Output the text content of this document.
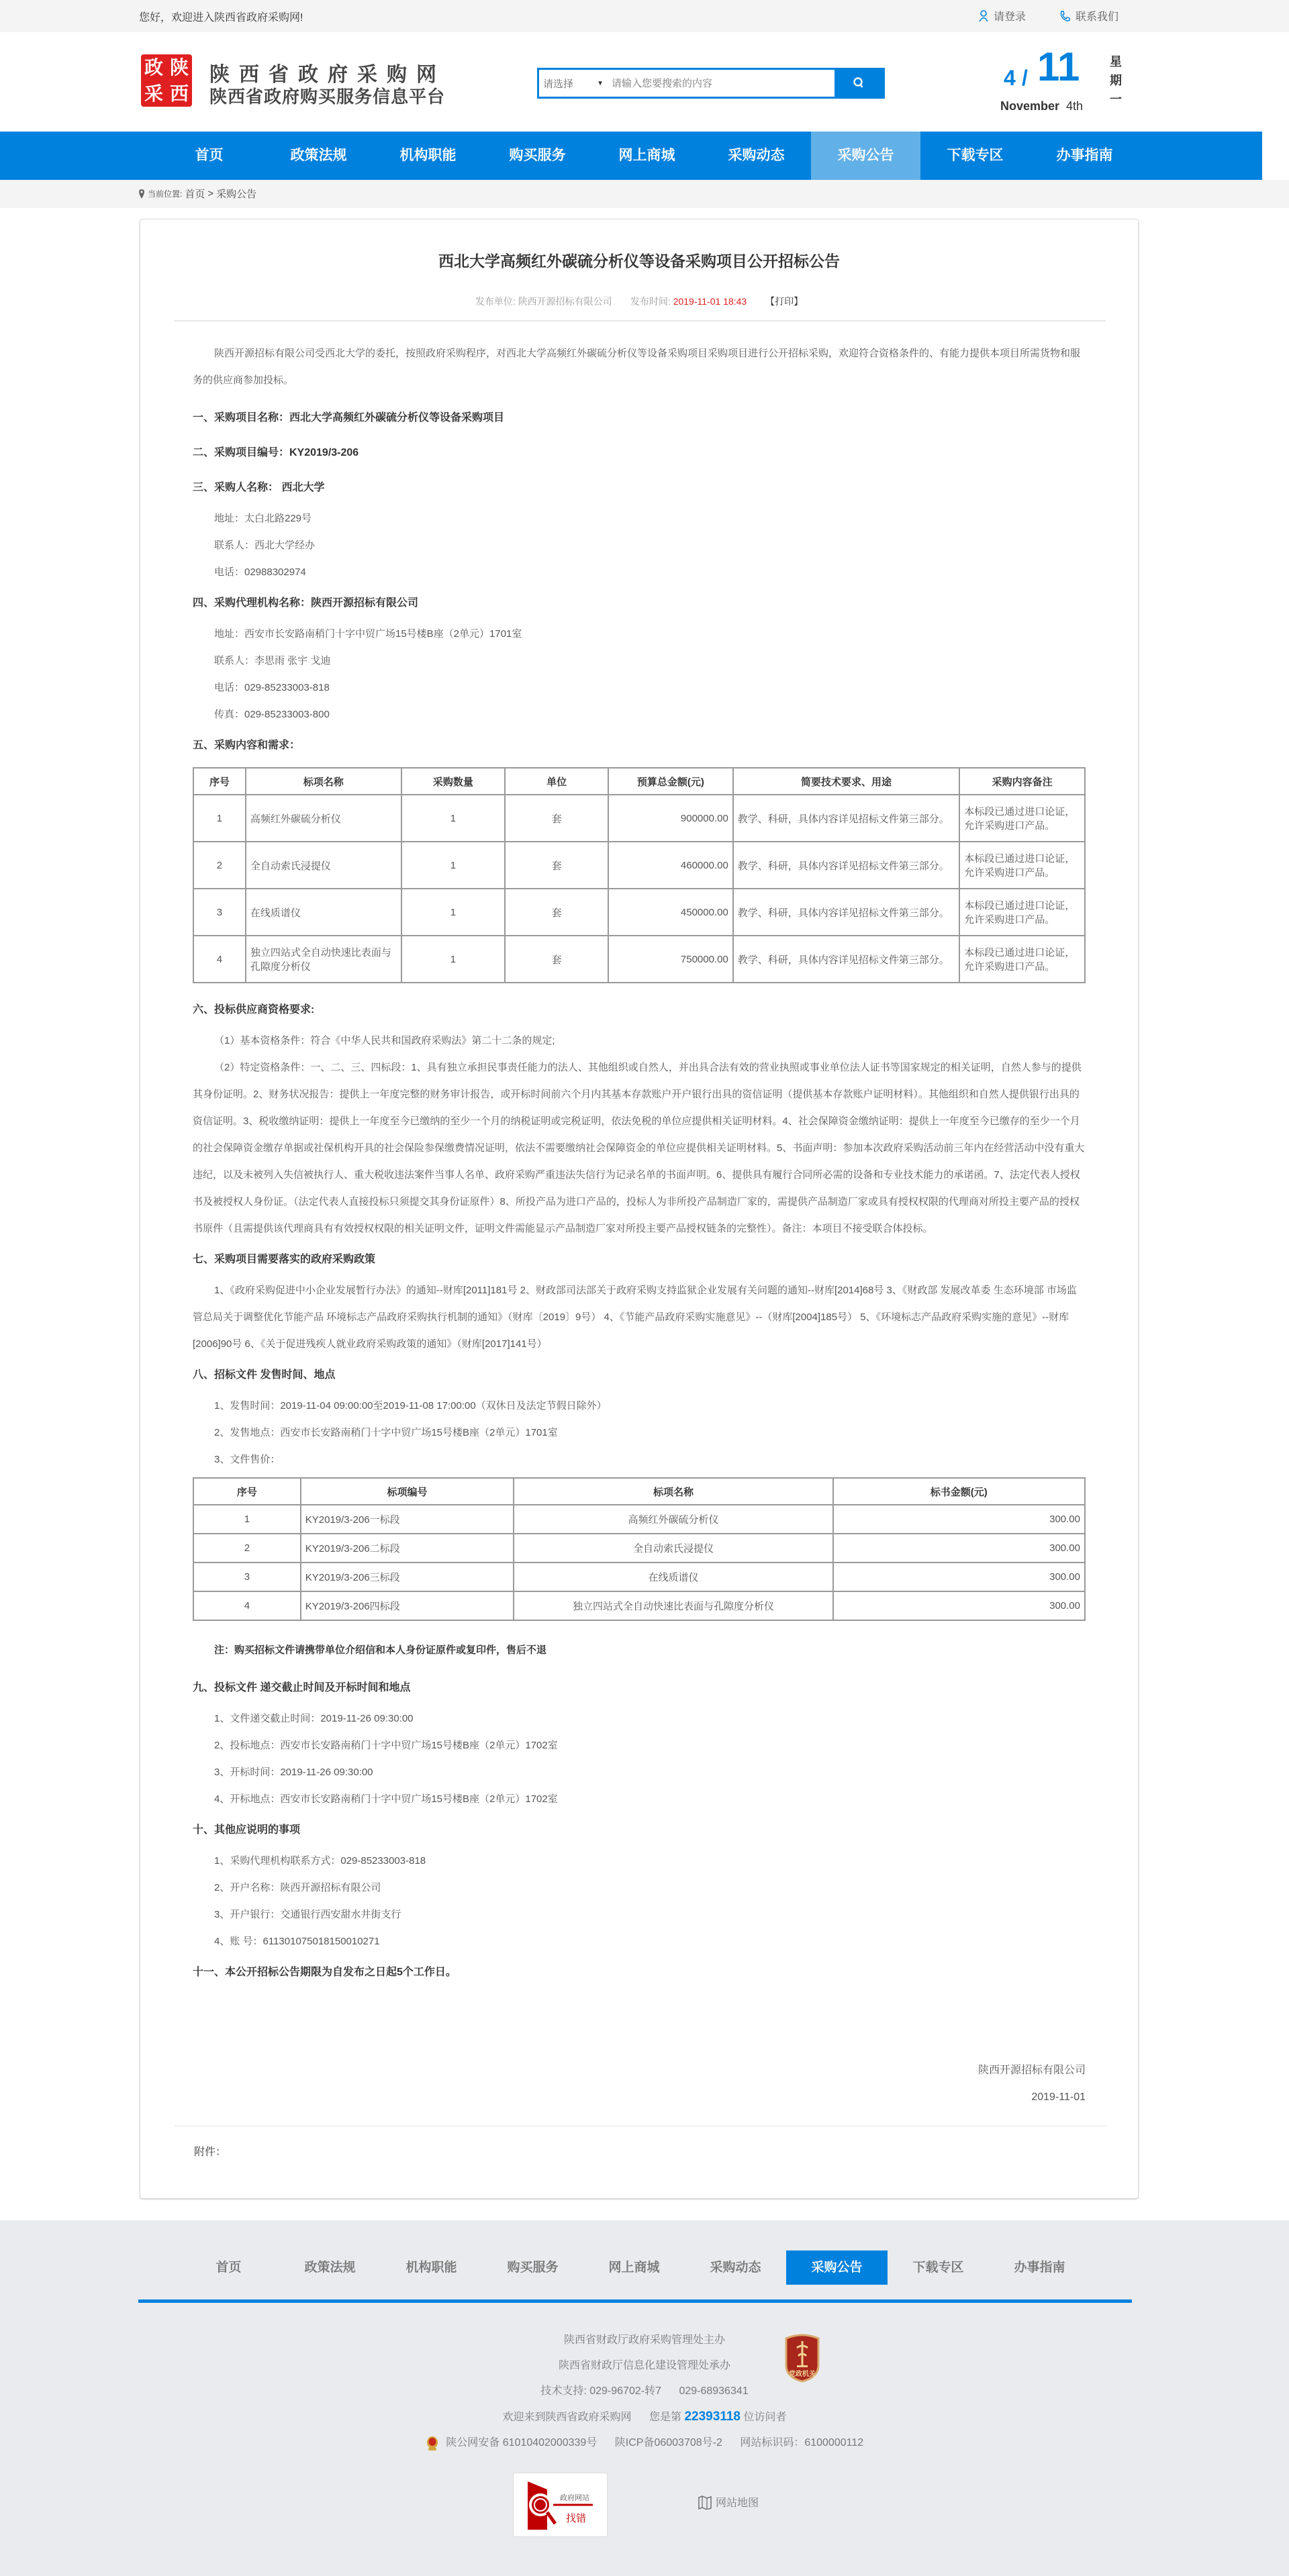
您好，欢迎进入陕西省政府采购网!	请登录	联系我们
政 陕
采 西
陕西省政府采购网
陕西省政府购买服务信息平台
请选择	▼
请输入您要搜索的内容	4 / 11
November 4th
星
期
一
首页	政策法规	机构职能	购买服务	网上商城	采购动态	采购公告	下载专区	办事指南
当前位置: 首页 > 采购公告
西北大学高频红外碳硫分析仪等设备采购项目公开招标公告
发布单位: 陕西开源招标有限公司 发布时间: 2019-11-01 18:43 【打印】

陕西开源招标有限公司受西北大学的委托，按照政府采购程序，对西北大学高频红外碳硫分析仪等设备采购项目采购项目进行公开招标采购，欢迎符合资格条件的、有能力提供本项目所需货物和服务的供应商参加投标。

一、采购项目名称：西北大学高频红外碳硫分析仪等设备采购项目
二、采购项目编号：KY2019/3-206
三、采购人名称： 西北大学
地址：太白北路229号
联系人：西北大学经办
电话：02988302974
四、采购代理机构名称：陕西开源招标有限公司
地址：西安市长安路南稍门十字中贸广场15号楼B座（2单元）1701室
联系人：李思雨 张宇 戈迪
电话：029-85233003-818
传真：029-85233003-800
五、采购内容和需求：
序号	标项名称	采购数量	单位	预算总金额(元)	简要技术要求、用途	采购内容备注
1	高频红外碳硫分析仪	1	套	900000.00	教学、科研，具体内容详见招标文件第三部分。	本标段已通过进口论证，允许采购进口产品。
2	全自动索氏浸提仪	1	套	460000.00	教学、科研，具体内容详见招标文件第三部分。	本标段已通过进口论证，允许采购进口产品。
3	在线质谱仪	1	套	450000.00	教学、科研，具体内容详见招标文件第三部分。	本标段已通过进口论证，允许采购进口产品。
4	独立四站式全自动快速比表面与孔隙度分析仪	1	套	750000.00	教学、科研，具体内容详见招标文件第三部分。	本标段已通过进口论证，允许采购进口产品。
六、投标供应商资格要求:

（1）基本资格条件：符合《中华人民共和国政府采购法》第二十二条的规定;

（2）特定资格条件：一、二、三、四标段：1、具有独立承担民事责任能力的法人、其他组织或自然人，并出具合法有效的营业执照或事业单位法人证书等国家规定的相关证明，自然人参与的提供其身份证明。2、财务状况报告：提供上一年度完整的财务审计报告，或开标时间前六个月内其基本存款账户开户银行出具的资信证明（提供基本存款账户证明材料）。其他组织和自然人提供银行出具的资信证明。3、税收缴纳证明：提供上一年度至今已缴纳的至少一个月的纳税证明或完税证明，依法免税的单位应提供相关证明材料。4、社会保障资金缴纳证明：提供上一年度至今已缴存的至少一个月的社会保障资金缴存单据或社保机构开具的社会保险参保缴费情况证明，依法不需要缴纳社会保障资金的单位应提供相关证明材料。5、书面声明：参加本次政府采购活动前三年内在经营活动中没有重大违纪，以及未被列入失信被执行人、重大税收违法案件当事人名单、政府采购严重违法失信行为记录名单的书面声明。6、提供具有履行合同所必需的设备和专业技术能力的承诺函。7、法定代表人授权书及被授权人身份证。（法定代表人直接投标只须提交其身份证原件）8、所投产品为进口产品的，投标人为非所投产品制造厂家的，需提供产品制造厂家或具有授权权限的代理商对所投主要产品的授权书原件（且需提供该代理商具有有效授权权限的相关证明文件，证明文件需能显示产品制造厂家对所投主要产品授权链条的完整性）。备注：本项目不接受联合体投标。

七、采购项目需要落实的政府采购政策

1、《政府采购促进中小企业发展暂行办法》的通知--财库[2011]181号 2、财政部司法部关于政府采购支持监狱企业发展有关问题的通知--财库[2014]68号 3、《财政部 发展改革委 生态环境部 市场监管总局关于调整优化节能产品 环境标志产品政府采购执行机制的通知》（财库〔2019〕9号） 4、《节能产品政府采购实施意见》--（财库[2004]185号） 5、《环境标志产品政府采购实施的意见》--财库[2006]90号 6、《关于促进残疾人就业政府采购政策的通知》（财库[2017]141号）

八、招标文件 发售时间、地点
1、发售时间：2019-11-04 09:00:00至2019-11-08 17:00:00（双休日及法定节假日除外）
2、发售地点：西安市长安路南稍门十字中贸广场15号楼B座（2单元）1701室
3、文件售价：
序号	标项编号	标项名称	标书金额(元)
1	KY2019/3-206一标段	高频红外碳硫分析仪	300.00
2	KY2019/3-206二标段	全自动索氏浸提仪	300.00
3	KY2019/3-206三标段	在线质谱仪	300.00
4	KY2019/3-206四标段	独立四站式全自动快速比表面与孔隙度分析仪	300.00
注：购买招标文件请携带单位介绍信和本人身份证原件或复印件，售后不退
九、投标文件 递交截止时间及开标时间和地点
1、文件递交截止时间：2019-11-26 09:30:00
2、投标地点：西安市长安路南稍门十字中贸广场15号楼B座（2单元）1702室
3、开标时间：2019-11-26 09:30:00
4、开标地点：西安市长安路南稍门十字中贸广场15号楼B座（2单元）1702室
十、其他应说明的事项
1、采购代理机构联系方式：029-85233003-818
2、开户名称：陕西开源招标有限公司
3、开户银行：交通银行西安甜水井街支行
4、账 号：611301075018150010271
十一、本公开招标公告期限为自发布之日起5个工作日。
陕西开源招标有限公司
2019-11-01
附件：
首页	政策法规	机构职能	购买服务	网上商城	采购动态	采购公告	下载专区	办事指南
陕西省财政厅政府采购管理处主办
陕西省财政厅信息化建设管理处承办
技术支持: 029-96702-转7 029-68936341
欢迎来到陕西省政府采购网 您是第 22393118 位访问者
陕公网安备 61010402000339号 陕ICP备06003708号-2 网站标识码：6100000112
党政机关
政府网站
找错
网站地图
